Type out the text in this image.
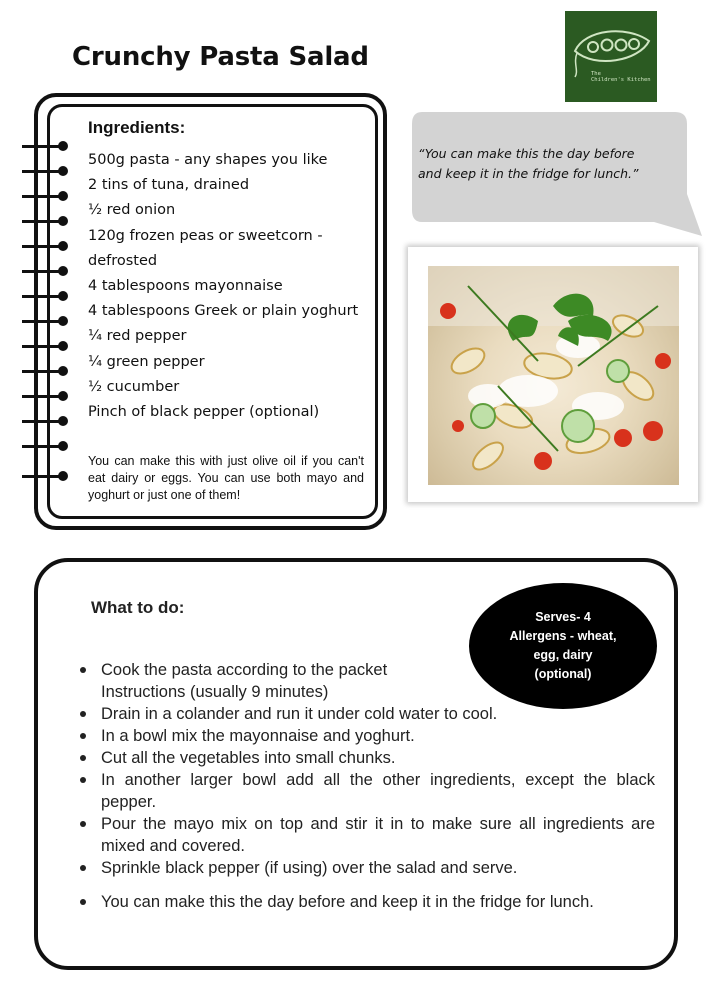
Crunchy Pasta Salad
The
Children's Kitchen
Ingredients:
500g pasta - any shapes you like
2 tins of tuna, drained
½ red onion
120g frozen peas or sweetcorn -
defrosted
4 tablespoons mayonnaise
4 tablespoons Greek or plain yoghurt
¼ red pepper
¼ green pepper
½ cucumber
Pinch of black pepper (optional)
You can make this with just olive oil if you can't eat dairy or eggs. You can use both mayo and yoghurt or just one of them!
“You can make this the day before and keep it in the fridge for lunch.”
What to do:	Serves- 4
Allergens - wheat,
egg, dairy
(optional)
Cook the pasta according to the packet
Instructions (usually 9 minutes)
Drain in a colander and run it under cold water to cool.
In a bowl mix the mayonnaise and yoghurt.
Cut all the vegetables into small chunks.
In another larger bowl add all the other ingredients, except the black pepper.
Pour the mayo mix on top and stir it in to make sure all ingredients are mixed and covered.
Sprinkle black pepper (if using) over the salad and serve.
You can make this the day before and keep it in the fridge for lunch.
